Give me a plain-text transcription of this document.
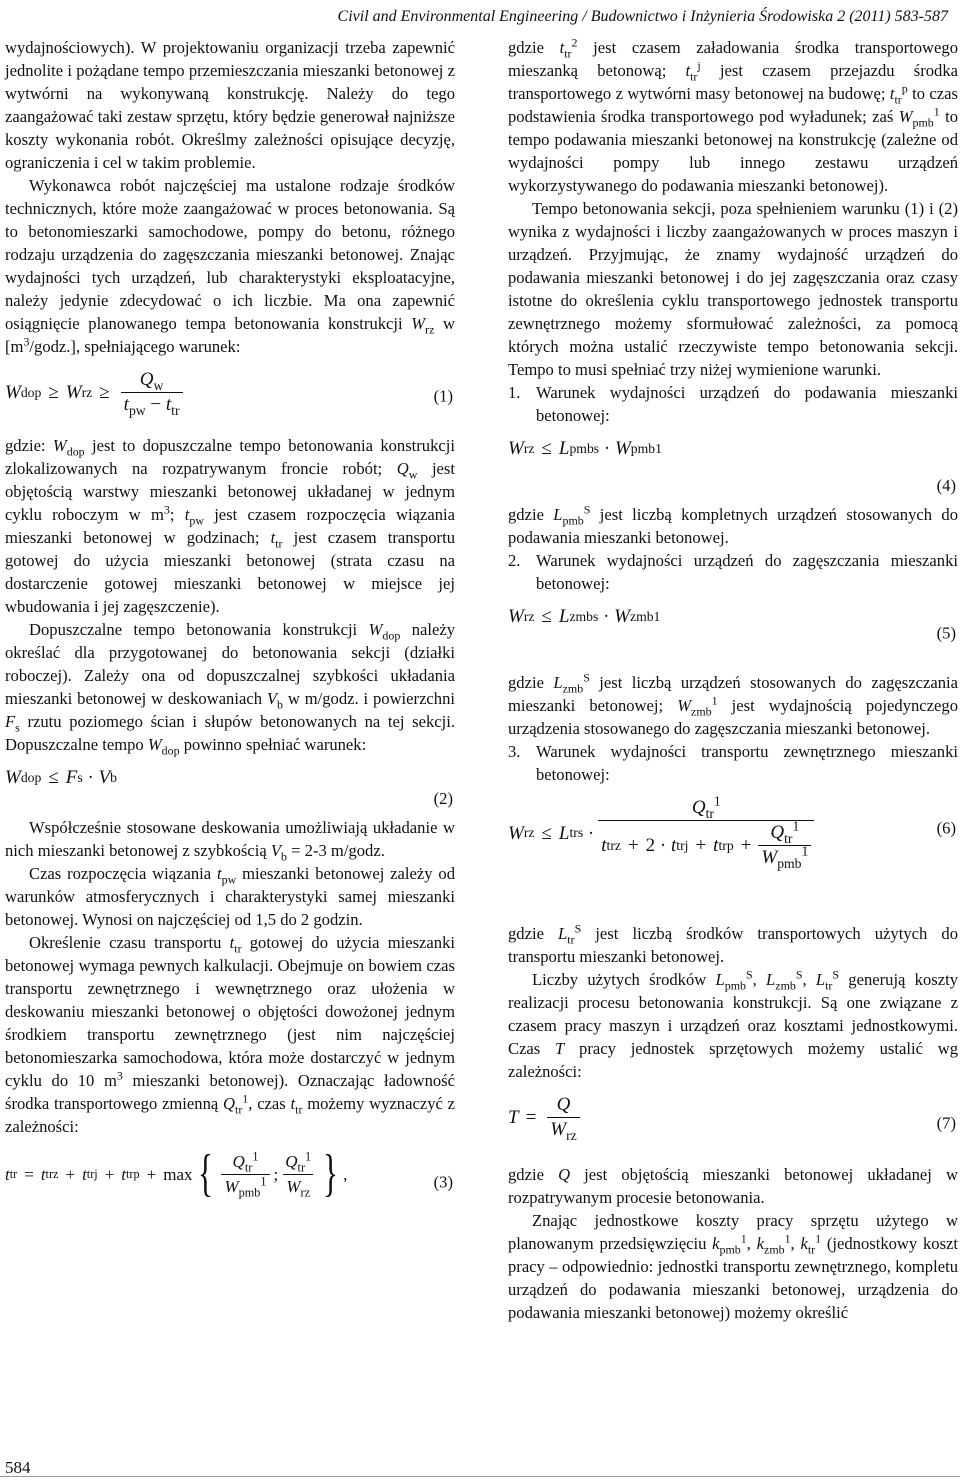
Civil and Environmental Engineering / Budownictwo i Inżynieria Środowiska 2 (2011) 583-587

wydajnościowych). W projektowaniu organizacji trzeba zapewnić jednolite i pożądane tempo przemieszczania mieszanki betonowej z wytwórni na wykonywaną konstrukcję. Należy do tego zaangażować taki zestaw sprzętu, który będzie generował najniższe koszty wykonania robót. Określmy zależności opisujące decyzję, ograniczenia i cel w takim problemie.

Wykonawca robót najczęściej ma ustalone rodzaje środków technicznych, które może zaangażować w proces betonowania. Są to betonomieszarki samochodowe, pompy do betonu, różnego rodzaju urządzenia do zagęszczania mieszanki betonowej. Znając wydajności tych urządzeń, lub charakterystyki eksploatacyjne, należy jedynie zdecydować o ich liczbie. Ma ona zapewnić osiągnięcie planowanego tempa betonowania konstrukcji $W_{rz}$ w $[m^3/godz.]$, spełniającego warunek:

W dop ≥ W rz ≥ $\frac{Q_w}{t_{pw} - t_{tr}}$	(1)

gdzie: $W_{dop}$ jest to dopuszczalne tempo betonowania konstrukcji zlokalizowanych na rozpatrywanym froncie robót; $Q_w$ jest objętością warstwy mieszanki betonowej układanej w jednym cyklu roboczym w $m^3$; $t_{pw}$ jest czasem rozpoczęcia wiązania mieszanki betonowej w godzinach; $t_{tr}$ jest czasem transportu gotowej do użycia mieszanki betonowej (strata czasu na dostarczenie gotowej mieszanki betonowej w miejsce jej wbudowania i jej zagęszczenie).

Dopuszczalne tempo betonowania konstrukcji $W_{dop}$ należy określać dla przygotowanej do betonowania sekcji (działki roboczej). Zależy ona od dopuszczalnej szybkości układania mieszanki betonowej w deskowaniach $V_b$ w m/godz. i powierzchni $F_s$ rzutu poziomego ścian i słupów betonowanych na tej sekcji. Dopuszczalne tempo $W_{dop}$ powinno spełniać warunek:

W dop ≤ F s
·
V b
(2)

Współcześnie stosowane deskowania umożliwiają układanie w nich mieszanki betonowej z szybkością $V_b = 2-3$ m/godz.

Czas rozpoczęcia wiązania $t_{pw}$ mieszanki betonowej zależy od warunków atmosferycznych i charakterystyki samej mieszanki betonowej. Wynosi on najczęściej od 1,5 do 2 godzin.

Określenie czasu transportu $t_{tr}$ gotowej do użycia mieszanki betonowej wymaga pewnych kalkulacji. Obejmuje on bowiem czas transportu zewnętrznego i wewnętrznego oraz ułożenia w deskowaniu mieszanki betonowej o objętości dowożonej jednym środkiem transportu zewnętrznego (jest nim najczęściej betonomieszarka samochodowa, która może dostarczyć w jednym cyklu do 10 $m^3$ mieszanki betonowej). Oznaczając ładowność środka transportowego zmienną $Q_{tr}^1$, czas $t_{tr}$ możemy wyznaczyć z zależności:

t tr = t tr z + t tr j + t tr p + max { $\frac{Q_{tr}^1}{W_{pmb}^1}$ ; $\frac{Q_{tr}^1}{W_{rz}}$ } ,	(3)

gdzie $t_{tr}^2$ jest czasem załadowania środka transportowego mieszanką betonową; $t_{tr}^j$ jest czasem przejazdu środka transportowego z wytwórni masy betonowej na budowę; $t_{tr}^p$ to czas podstawienia środka transportowego pod wyładunek; zaś $W_{pmb}^1$ to tempo podawania mieszanki betonowej na konstrukcję (zależne od wydajności pompy lub innego zestawu urządzeń wykorzystywanego do podawania mieszanki betonowej).

Tempo betonowania sekcji, poza spełnieniem warunku (1) i (2) wynika z wydajności i liczby zaangażowanych w proces maszyn i urządzeń. Przyjmując, że znamy wydajność urządzeń do podawania mieszanki betonowej i do jej zagęszczania oraz czasy istotne do określenia cyklu transportowego jednostek transportu zewnętrznego możemy sformułować zależności, za pomocą których można ustalić rzeczywiste tempo betonowania sekcji. Tempo to musi spełniać trzy niżej wymienione warunki.

1. Warunek wydajności urządzeń do podawania mieszanki betonowej:

W rz ≤ L pmb s
·
W pmb 1
(4)

gdzie $L_{pmb}^S$ jest liczbą kompletnych urządzeń stosowanych do podawania mieszanki betonowej.

2. Warunek wydajności urządzeń do zagęszczania mieszanki betonowej:

W rz ≤ L zmb s
·
W zmb 1
(5)

gdzie $L_{zmb}^S$ jest liczbą urządzeń stosowanych do zagęszczania mieszanki betonowej; $W_{zmb}^1$ jest wydajnością pojedynczego urządzenia stosowanego do zagęszczania mieszanki betonowej.

3. Warunek wydajności transportu zewnętrznego mieszanki betonowej:

W rz ≤ L tr s
·
$Q_{tr}^1$
t tr z + 2 ·
t tr j + t tr $p + \frac{Q_{tr}^1}{W_{pmb}^1}$	(6)

gdzie $L_{tr}^S$ jest liczbą środków transportowych użytych do transportu mieszanki betonowej.

Liczby użytych środków $L_{pmb}^S$, $L_{zmb}^S$, $L_{tr}^S$ generują koszty realizacji procesu betonowania konstrukcji. Są one związane z czasem pracy maszyn i urządzeń oraz kosztami jednostkowymi. Czas T pracy jednostek sprzętowych możemy ustalić wg zależności:

$T = \frac{Q}{W_{rz}}$	(7)

gdzie Q jest objętością mieszanki betonowej układanej w rozpatrywanym procesie betonowania.

Znając jednostkowe koszty pracy sprzętu użytego w planowanym przedsięwzięciu $k_{pmb}^1$, $k_{zmb}^1$, $k_{tr}^1$ (jednostkowy koszt pracy – odpowiednio: jednostki transportu zewnętrznego, kompletu urządzeń do podawania mieszanki betonowej, urządzenia do podawania mieszanki betonowej) możemy określić

584
